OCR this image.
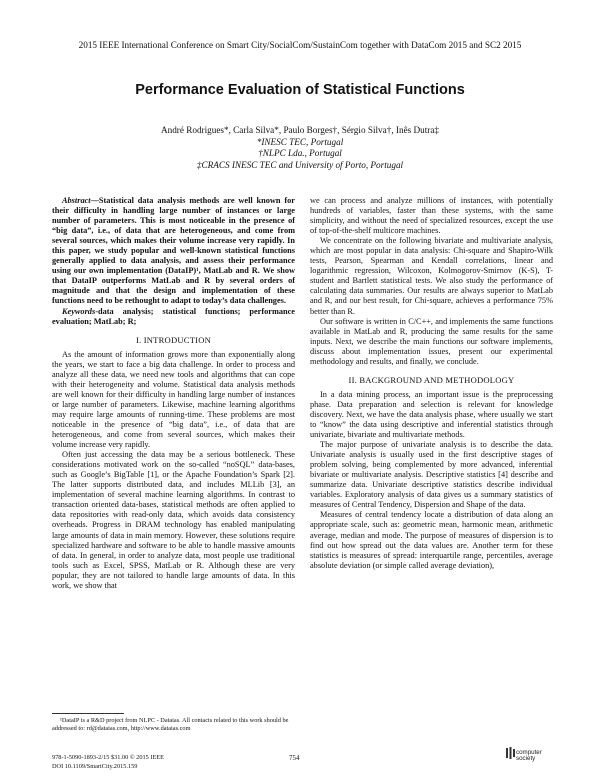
2015 IEEE International Conference on Smart City/SocialCom/SustainCom together with DataCom 2015 and SC2 2015
Performance Evaluation of Statistical Functions
André Rodrigues*, Carla Silva*, Paulo Borges†, Sérgio Silva†, Inês Dutra‡
*INESC TEC, Portugal
†NLPC Lda., Portugal
‡CRACS INESC TEC and University of Porto, Portugal

Abstract—Statistical data analysis methods are well known for their difficulty in handling large number of instances or large number of parameters. This is most noticeable in the presence of “big data”, i.e., of data that are heterogeneous, and come from several sources, which makes their volume increase very rapidly. In this paper, we study popular and well-known statistical functions generally applied to data analysis, and assess their performance using our own implementation (DataIP)¹, MatLab and R. We show that DataIP outperforms MatLab and R by several orders of magnitude and that the design and implementation of these functions need to be rethought to adapt to today’s data challenges.

Keywords-data analysis; statistical functions; performance evaluation; MatLab; R;

I. INTRODUCTION

As the amount of information grows more than exponentially along the years, we start to face a big data challenge. In order to process and analyze all these data, we need new tools and algorithms that can cope with their heterogeneity and volume. Statistical data analysis methods are well known for their difficulty in handling large number of instances or large number of parameters. Likewise, machine learning algorithms may require large amounts of running-time. These problems are most noticeable in the presence of “big data”, i.e., of data that are heterogeneous, and come from several sources, which makes their volume increase very rapidly.

Often just accessing the data may be a serious bottleneck. These considerations motivated work on the so-called “noSQL” data-bases, such as Google’s BigTable [1], or the Apache Foundation’s Spark [2]. The latter supports distributed data, and includes MLLib [3], an implementation of several machine learning algorithms. In contrast to transaction oriented data-bases, statistical methods are often applied to data repositories with read-only data, which avoids data consistency overheads. Progress in DRAM technology has enabled manipulating large amounts of data in main memory. However, these solutions require specialized hardware and software to be able to handle massive amounts of data. In general, in order to analyze data, most people use traditional tools such as Excel, SPSS, MatLab or R. Although these are very popular, they are not tailored to handle large amounts of data. In this work, we show that

¹DataIP is a R&D project from NLPC - Dataias. All contacts related to this work should be addressed to: rd@dataias.com, http://www.dataias.com

we can process and analyze millions of instances, with potentially hundreds of variables, faster than these systems, with the same simplicity, and without the need of specialized resources, except the use of top-of-the-shelf multicore machines.

We concentrate on the following bivariate and multivariate analysis, which are most popular in data analysis: Chi-square and Shapiro-Wilk tests, Pearson, Spearman and Kendall correlations, linear and logarithmic regression, Wilcoxon, Kolmogorov-Smirnov (K-S), T-student and Bartlett statistical tests. We also study the performance of calculating data summaries. Our results are always superior to MatLab and R, and our best result, for Chi-square, achieves a performance 75% better than R.

Our software is written in C/C++, and implements the same functions available in MatLab and R, producing the same results for the same inputs. Next, we describe the main functions our software implements, discuss about implementation issues, present our experimental methodology and results, and finally, we conclude.

II. BACKGROUND AND METHODOLOGY

In a data mining process, an important issue is the preprocessing phase. Data preparation and selection is relevant for knowledge discovery. Next, we have the data analysis phase, where usually we start to “know” the data using descriptive and inferential statistics through univariate, bivariate and multivariate methods.

The major purpose of univariate analysis is to describe the data. Univariate analysis is usually used in the first descriptive stages of problem solving, being complemented by more advanced, inferential bivariate or multivariate analysis. Descriptive statistics [4] describe and summarize data. Univariate descriptive statistics describe individual variables. Exploratory analysis of data gives us a summary statistics of measures of Central Tendency, Dispersion and Shape of the data.

Measures of central tendency locate a distribution of data along an appropriate scale, such as: geometric mean, harmonic mean, arithmetic average, median and mode. The purpose of measures of dispersion is to find out how spread out the data values are. Another term for these statistics is measures of spread: interquartile range, percentiles, average absolute deviation (or simple called average deviation),

978-1-5090-1893-2/15 $31.00 © 2015 IEEE
DOI 10.1109/SmartCity.2015.159
754
computer
society
